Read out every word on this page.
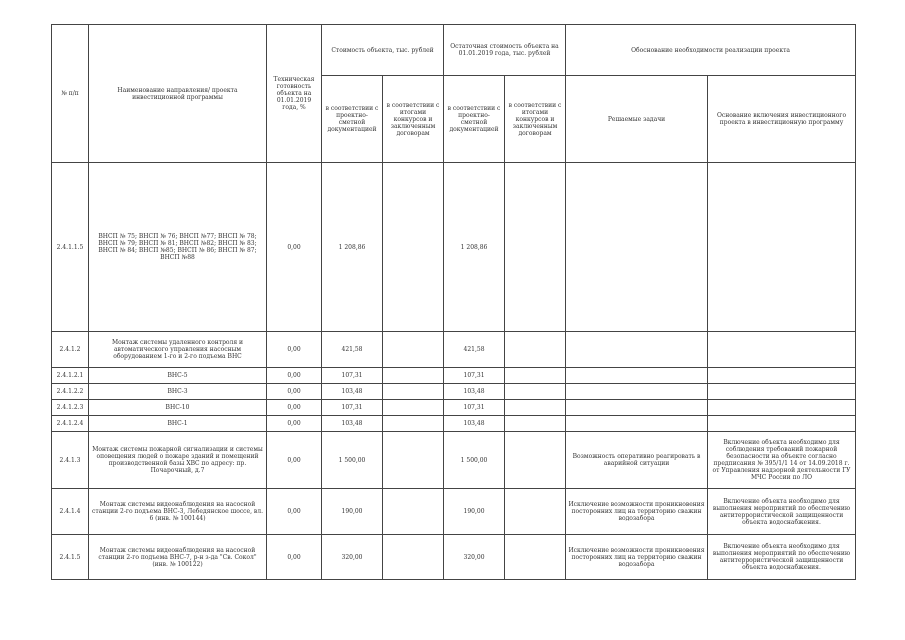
№ п/п	Наименование направления/ проекта инвестиционной программы	Техническая готовность объекта на 01.01.2019 года, %	Стоимость объекта, тыс. рублей		Остаточная стоимость объекта на 01.01.2019 года, тыс. рублей		Обоснование необходимости реализации проекта	
			в соответствии с проектно-сметной документацией	в соответствии с итогами конкурсов и заключенным договорам	в соответствии с проектно-сметной документацией	в соответствии с итогами конкурсов и заключенным договорам	Решаемые задачи	Основание включения инвестиционного проекта в инвестиционную программу
2.4.1.1.5	ВНСП № 75; ВНСП № 76; ВНСП №77; ВНСП № 78; ВНСП № 79; ВНСП № 81; ВНСП №82; ВНСП № 83; ВНСП № 84; ВНСП №85; ВНСП № 86; ВНСП № 87; ВНСП №88	0,00	1 208,86		1 208,86			
2.4.1.2	Монтаж системы удаленного контроля и автоматического управления насосным оборудованием 1-го и 2-го подъема ВНС	0,00	421,58		421,58			
2.4.1.2.1	ВНС-5	0,00	107,31		107,31			
2.4.1.2.2	ВНС-3	0,00	103,48		103,48			
2.4.1.2.3	ВНС-10	0,00	107,31		107,31			
2.4.1.2.4	ВНС-1	0,00	103,48		103,48			
2.4.1.3	Монтаж системы пожарной сигнализации и системы оповещения людей о пожаре зданий и помещений производственной базы ХВС по адресу: пр. Почарочный, д.7	0,00	1 500,00		1 500,00		Возможность оперативно реагировать в аварийной ситуации	Включение объекта необходимо для соблюдения требований пожарной безопасности на объекте согласно предписания № 395/1/1 14 от 14.09.2018 г. от Управления надзорной деятельности ГУ МЧС России по ЛО
2.4.1.4	Монтаж системы видеонаблюдения на насосной станции 2-го подъема ВНС-3, Лебедянское шоссе, вл. 6 (инв. № 100144)	0,00	190,00		190,00		Исключение возможности проникновения посторонних лиц на территорию сважин водозабора	Включение объекта необходимо для выполнения мероприятий по обеспечению антитеррористической защищенности объекта водоснабжения.
2.4.1.5	Монтаж системы видеонаблюдения на насосной станции 2-го подъема ВНС-7, р-н з-да "Св. Сокол" (инв. № 100122)	0,00	320,00		320,00		Исключение возможности проникновения посторонних лиц на территорию сважин водозабора	Включение объекта необходимо для выполнения мероприятий по обеспечению антитеррористической защищенности объекта водоснабжения.
